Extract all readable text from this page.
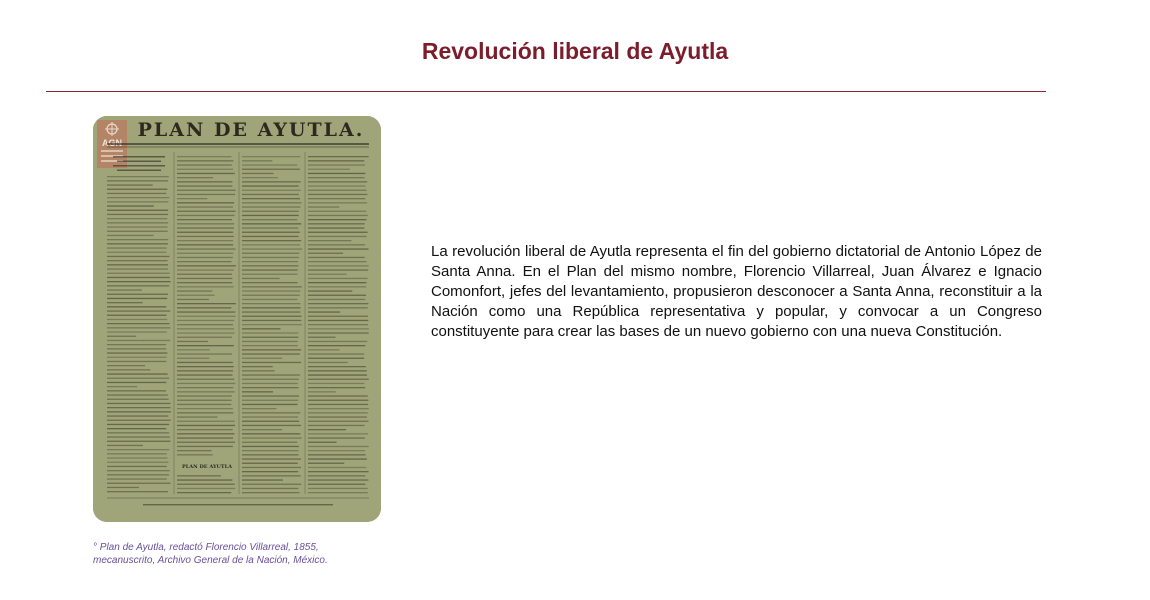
Revolución liberal de Ayutla
AGN
PLAN DE AYUTLA.
PLAN DE AYUTLA
° Plan de Ayutla, redactó Florencio Villarreal, 1855,
mecanuscrito, Archivo General de la Nación, México.
La revolución liberal de Ayutla representa el fin del gobierno dictatorial de Antonio López de Santa Anna. En el Plan del mismo nombre, Florencio Villarreal, Juan Álvarez e Ignacio Comonfort, jefes del levantamiento, propusieron desconocer a Santa Anna, reconstituir a la Nación como una República representativa y popular, y convocar a un Congreso constituyente para crear las bases de un nuevo gobierno con una nueva Constitución.
